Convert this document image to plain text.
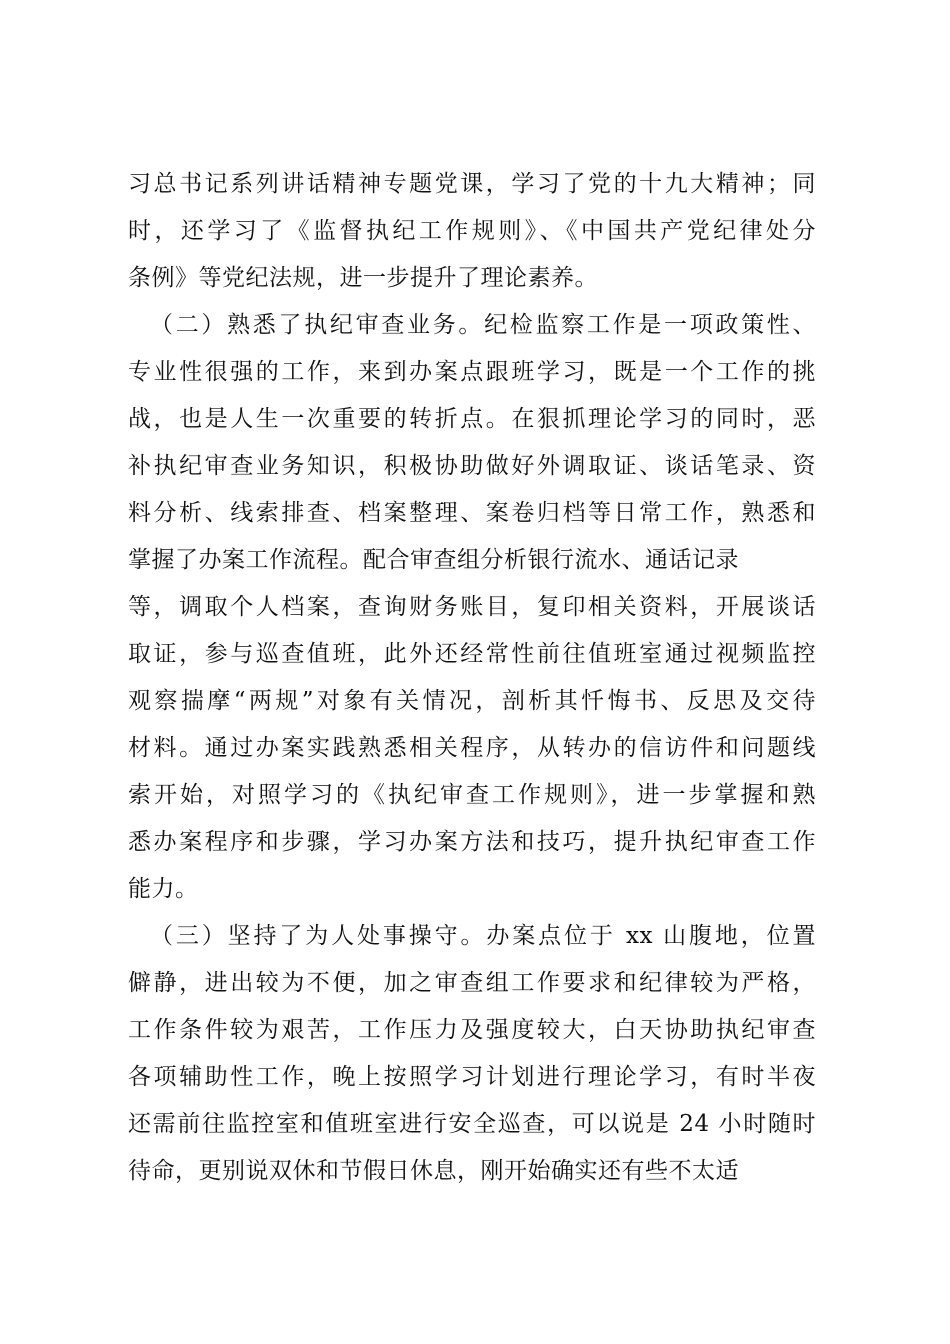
习总书记系列讲话精神专题党课，学习了党的十九大精神；同
时，还学习了《监督执纪工作规则》、《中国共产党纪律处分
条例》等党纪法规，进一步提升了理论素养。
（二）熟悉了执纪审查业务。纪检监察工作是一项政策性、
专业性很强的工作，来到办案点跟班学习，既是一个工作的挑
战，也是人生一次重要的转折点。在狠抓理论学习的同时，恶
补执纪审查业务知识，积极协助做好外调取证、谈话笔录、资
料分析、线索排查、档案整理、案卷归档等日常工作，熟悉和
掌握了办案工作流程。配合审查组分析银行流水、通话记录
等，调取个人档案，查询财务账目，复印相关资料，开展谈话
取证，参与巡查值班，此外还经常性前往值班室通过视频监控
观察揣摩“两规”对象有关情况，剖析其忏悔书、反思及交待
材料。通过办案实践熟悉相关程序，从转办的信访件和问题线
索开始，对照学习的《执纪审查工作规则》，进一步掌握和熟
悉办案程序和步骤，学习办案方法和技巧，提升执纪审查工作
能力。
（三）坚持了为人处事操守。办案点位于 xx 山腹地，位置
僻静，进出较为不便，加之审查组工作要求和纪律较为严格，
工作条件较为艰苦，工作压力及强度较大，白天协助执纪审查
各项辅助性工作，晚上按照学习计划进行理论学习，有时半夜
还需前往监控室和值班室进行安全巡查，可以说是 24 小时随时
待命，更别说双休和节假日休息，刚开始确实还有些不太适
